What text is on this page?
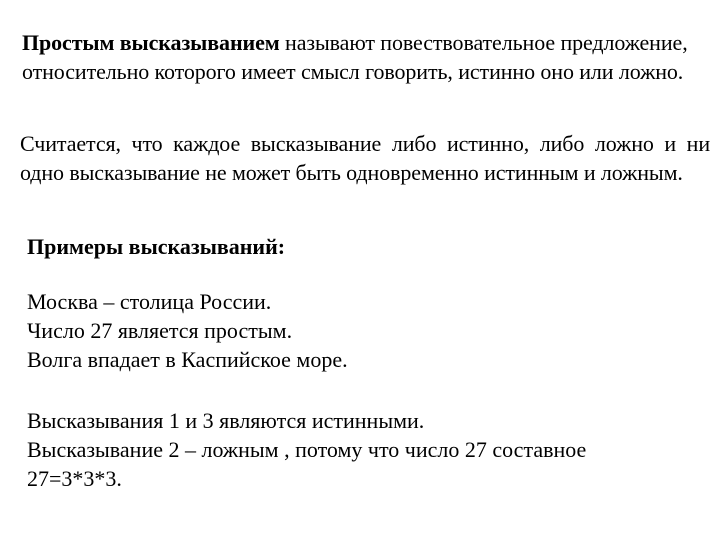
Простым высказыванием называют повествовательное предложение, относительно которого имеет смысл говорить, истинно оно или ложно.

Считается, что каждое высказывание либо истинно, либо ложно и ни одно высказывание не может быть одновременно истинным и ложным.

Примеры высказываний:
Москва – столица России.
Число 27 является простым.
Волга впадает в Каспийское море.
Высказывания 1 и 3 являются истинными.
Высказывание 2 – ложным , потому что число 27 составное
27=3*3*3.
